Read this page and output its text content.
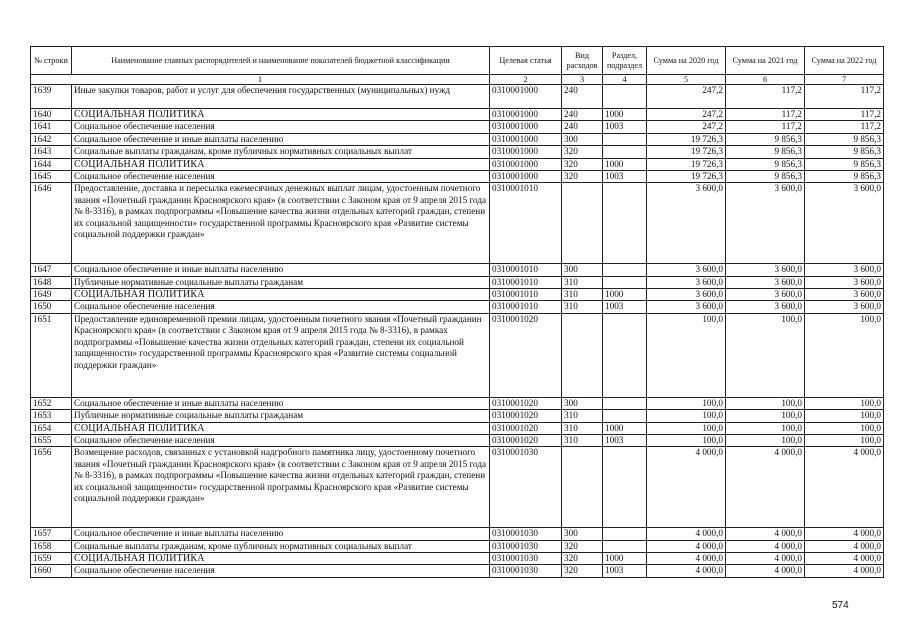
№ строки	Наименование главных распорядителей и наименование показателей бюджетной классификации	Целевая статья	Вид расходов	Раздел, подраздел	Сумма на 2020 год	Сумма на 2021 год	Сумма на 2022 год
1		2	3	4	5	6	7
1639	Иные закупки товаров, работ и услуг для обеспечения государственных (муниципальных) нужд	0310001000	240		247,2	117,2	117,2
1640	СОЦИАЛЬНАЯ ПОЛИТИКА	0310001000	240	1000	247,2	117,2	117,2
1641	Социальное обеспечение населения	0310001000	240	1003	247,2	117,2	117,2
1642	Социальное обеспечение и иные выплаты населению	0310001000	300		19 726,3	9 856,3	9 856,3
1643	Социальные выплаты гражданам, кроме публичных нормативных социальных выплат	0310001000	320		19 726,3	9 856,3	9 856,3
1644	СОЦИАЛЬНАЯ ПОЛИТИКА	0310001000	320	1000	19 726,3	9 856,3	9 856,3
1645	Социальное обеспечение населения	0310001000	320	1003	19 726,3	9 856,3	9 856,3
1646	Предоставление, доставка и пересылка ежемесячных денежных выплат лицам, удостоенным почетного звания «Почетный гражданин Красноярского края» (в соответствии с Законом края от 9 апреля 2015 года № 8-3316), в рамках подпрограммы «Повышение качества жизни отдельных категорий граждан, степени их социальной защищенности» государственной программы Красноярского края «Развитие системы социальной поддержки граждан»	0310001010			3 600,0	3 600,0	3 600,0
1647	Социальное обеспечение и иные выплаты населению	0310001010	300		3 600,0	3 600,0	3 600,0
1648	Публичные нормативные социальные выплаты гражданам	0310001010	310		3 600,0	3 600,0	3 600,0
1649	СОЦИАЛЬНАЯ ПОЛИТИКА	0310001010	310	1000	3 600,0	3 600,0	3 600,0
1650	Социальное обеспечение населения	0310001010	310	1003	3 600,0	3 600,0	3 600,0
1651	Предоставление единовременной премии лицам, удостоенным почетного звания «Почетный гражданин Красноярского края» (в соответствии с Законом края от 9 апреля 2015 года № 8-3316), в рамках подпрограммы «Повышение качества жизни отдельных категорий граждан, степени их социальной защищенности» государственной программы Красноярского края «Развитие системы социальной поддержки граждан»	0310001020			100,0	100,0	100,0
1652	Социальное обеспечение и иные выплаты населению	0310001020	300		100,0	100,0	100,0
1653	Публичные нормативные социальные выплаты гражданам	0310001020	310		100,0	100,0	100,0
1654	СОЦИАЛЬНАЯ ПОЛИТИКА	0310001020	310	1000	100,0	100,0	100,0
1655	Социальное обеспечение населения	0310001020	310	1003	100,0	100,0	100,0
1656	Возмещение расходов, связанных с установкой надгробного памятника лицу, удостоенному почетного звания «Почетный гражданин Красноярского края» (в соответствии с Законом края от 9 апреля 2015 года № 8-3316), в рамках подпрограммы «Повышение качества жизни отдельных категорий граждан, степени их социальной защищенности» государственной программы Красноярского края «Развитие системы социальной поддержки граждан»	0310001030			4 000,0	4 000,0	4 000,0
1657	Социальное обеспечение и иные выплаты населению	0310001030	300		4 000,0	4 000,0	4 000,0
1658	Социальные выплаты гражданам, кроме публичных нормативных социальных выплат	0310001030	320		4 000,0	4 000,0	4 000,0
1659	СОЦИАЛЬНАЯ ПОЛИТИКА	0310001030	320	1000	4 000,0	4 000,0	4 000,0
1660	Социальное обеспечение населения	0310001030	320	1003	4 000,0	4 000,0	4 000,0
574
